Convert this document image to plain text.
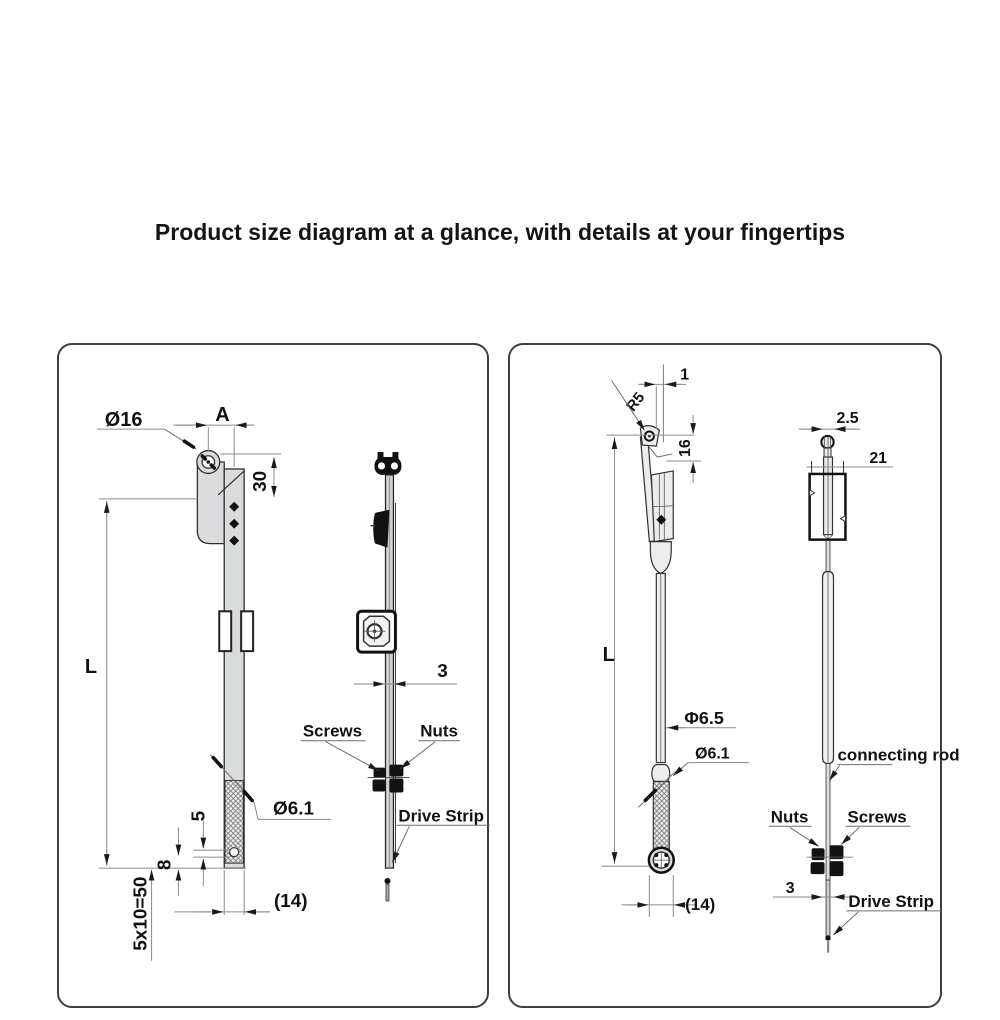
Product size diagram at a glance, with details at your fingertips
Ø16	A
30
L
5
8
5x10=50
Ø6.1
(14)
3
Screws	Nuts
Drive Strip
1
R5
L
16
Φ6.5
Ø6.1
(14)
2.5
21
connecting rod
Nuts Screws
3
Drive Strip
